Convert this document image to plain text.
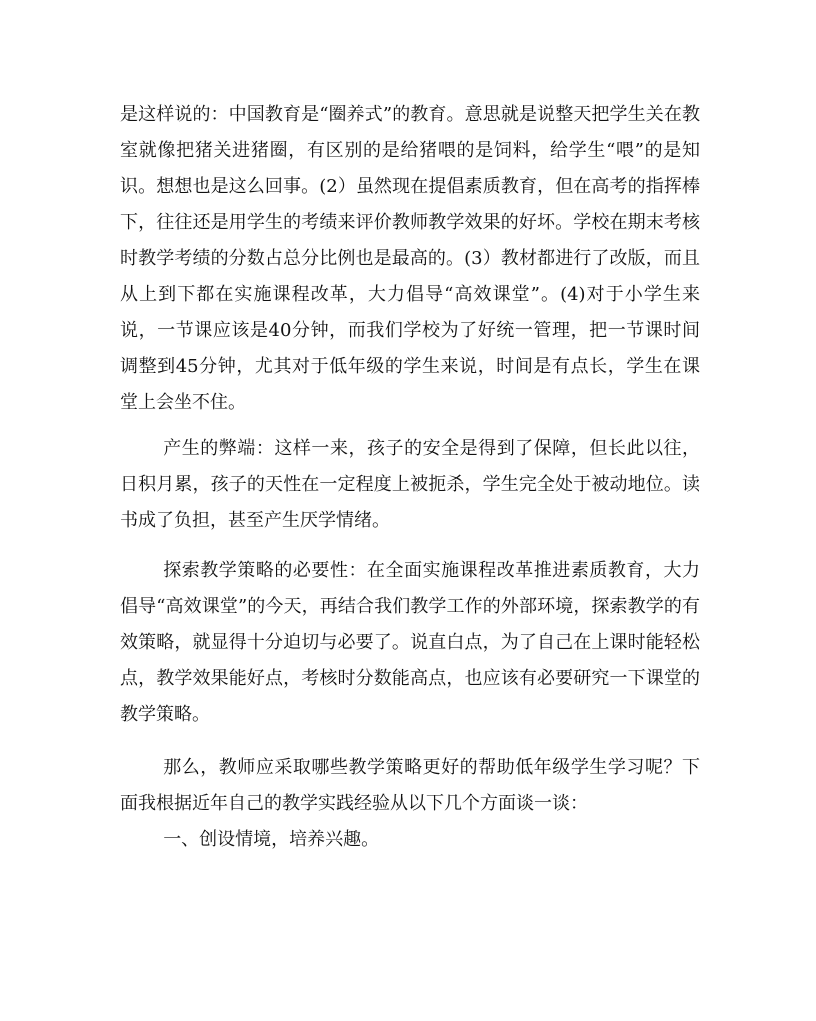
是这样说的：中国教育是“圈养式”的教育。意思就是说整天把学生关在教室就像把猪关进猪圈，有区别的是给猪喂的是饲料，给学生“喂”的是知识。想想也是这么回事。(2）虽然现在提倡素质教育，但在高考的指挥棒下，往往还是用学生的考绩来评价教师教学效果的好坏。学校在期末考核时教学考绩的分数占总分比例也是最高的。(3）教材都进行了改版，而且从上到下都在实施课程改革，大力倡导“高效课堂”。(4)对于小学生来说，一节课应该是40分钟，而我们学校为了好统一管理，把一节课时间调整到45分钟，尤其对于低年级的学生来说，时间是有点长，学生在课堂上会坐不住。

产生的弊端：这样一来，孩子的安全是得到了保障，但长此以往，日积月累，孩子的天性在一定程度上被扼杀，学生完全处于被动地位。读书成了负担，甚至产生厌学情绪。

探索教学策略的必要性：在全面实施课程改革推进素质教育，大力倡导“高效课堂”的今天，再结合我们教学工作的外部环境，探索教学的有效策略，就显得十分迫切与必要了。说直白点，为了自己在上课时能轻松点，教学效果能好点，考核时分数能高点，也应该有必要研究一下课堂的教学策略。

那么，教师应采取哪些教学策略更好的帮助低年级学生学习呢？下面我根据近年自己的教学实践经验从以下几个方面谈一谈：

一、创设情境，培养兴趣。
